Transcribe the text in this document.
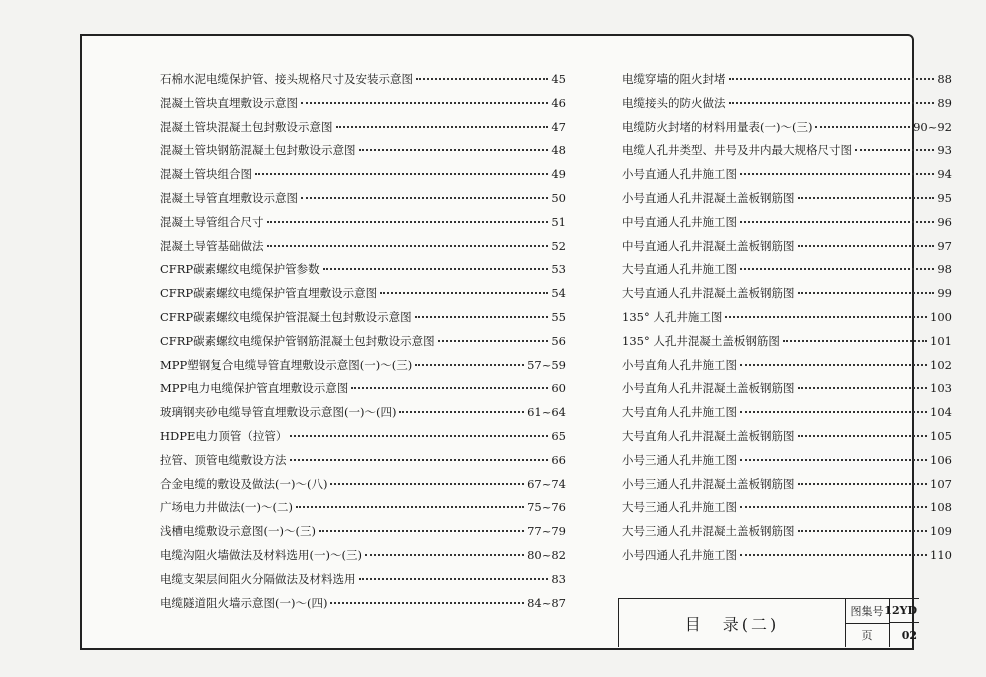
石棉水泥电缆保护管、接头规格尺寸及安装示意图	45
混凝土管块直埋敷设示意图	46
混凝土管块混凝土包封敷设示意图	47
混凝土管块钢筋混凝土包封敷设示意图	48
混凝土管块组合图	49
混凝土导管直埋敷设示意图	50
混凝土导管组合尺寸	51
混凝土导管基础做法	52
CFRP碳素螺纹电缆保护管参数	53
CFRP碳素螺纹电缆保护管直埋敷设示意图	54
CFRP碳素螺纹电缆保护管混凝土包封敷设示意图	55
CFRP碳素螺纹电缆保护管钢筋混凝土包封敷设示意图	56
MPP塑钢复合电缆导管直埋敷设示意图(一)～(三)	57~59
MPP电力电缆保护管直埋敷设示意图	60
玻璃钢夹砂电缆导管直埋敷设示意图(一)～(四)	61~64
HDPE电力顶管（拉管）	65
拉管、顶管电缆敷设方法	66
合金电缆的敷设及做法(一)～(八)	67~74
广场电力井做法(一)～(二)	75~76
浅槽电缆敷设示意图(一)～(三)	77~79
电缆沟阻火墙做法及材料选用(一)～(三)	80~82
电缆支架层间阻火分隔做法及材料选用	83
电缆隧道阻火墙示意图(一)～(四)	84~87
电缆穿墙的阻火封堵	88
电缆接头的防火做法	89
电缆防火封堵的材料用量表(一)～(三)	90~92
电缆人孔井类型、井号及井内最大规格尺寸图	93
小号直通人孔井施工图	94
小号直通人孔井混凝土盖板钢筋图	95
中号直通人孔井施工图	96
中号直通人孔井混凝土盖板钢筋图	97
大号直通人孔井施工图	98
大号直通人孔井混凝土盖板钢筋图	99
135° 人孔井施工图	100
135° 人孔井混凝土盖板钢筋图	101
小号直角人孔井施工图	102
小号直角人孔井混凝土盖板钢筋图	103
大号直角人孔井施工图	104
大号直角人孔井混凝土盖板钢筋图	105
小号三通人孔井施工图	106
小号三通人孔井混凝土盖板钢筋图	107
大号三通人孔井施工图	108
大号三通人孔井混凝土盖板钢筋图	109
小号四通人孔井施工图	110
目　录(二)
图集号 12YD
页	02
